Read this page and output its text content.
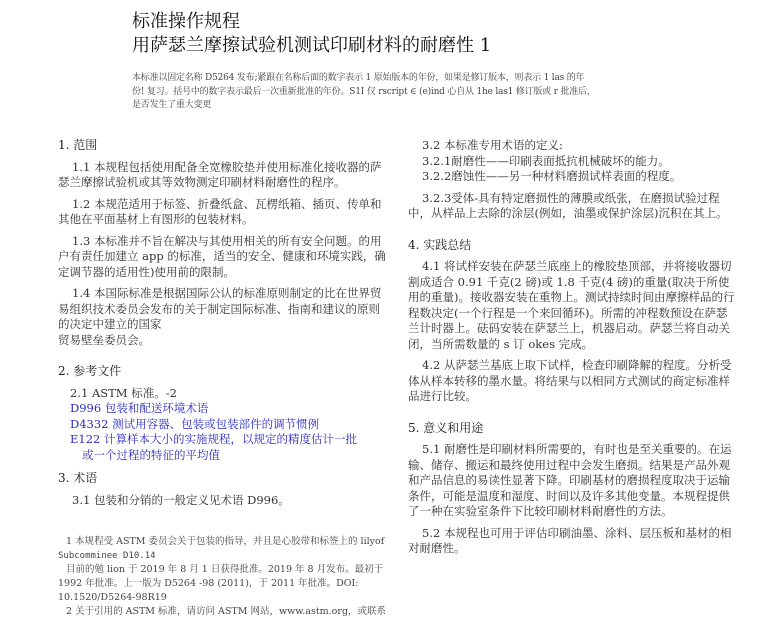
标准操作规程
用萨瑟兰摩擦试验机测试印刷材料的耐磨性 1
本标准以固定名称 D5264 发布;紧跟在名称后面的数字表示 1 原始版本的年份，如果是修订版本，则表示 1 las 的年
份! 复习。括号中的数字表示最后一次重新批准的年份。S1I 仅 rscript ∈ (e)ind 心自从 1he las1 修订版或 r 批准后，
是否发生了重大变更
1. 范围

1.1 本规程包括使用配备全宽橡胶垫并使用标准化接收器的萨瑟兰摩擦试验机或其等效物测定印刷材料耐磨性的程序。

1.2 本规范适用于标签、折叠纸盒、瓦楞纸箱、插页、传单和其他在平面基材上有图形的包装材料。

1.3 本标准并不旨在解决与其使用相关的所有安全问题。的用户有责任加建立 app 的标准，适当的安全、健康和环境实践，确定调节器的适用性)使用前的限制。

1.4 本国际标准是根据国际公认的标准原则制定的比在世界贸易组织技术委员会发布的关于制定国际标准、指南和建议的原则的决定中建立的国家

贸易壁垒委员会。

2. 参考文件
2.1 ASTM 标准。-2
D996 包装和配送环境术语
D4332 测试用容器、包装或包装部件的调节惯例
E122 计算样本大小的实施规程，以规定的精度估计一批
或一个过程的特征的平均值
3. 术语

3.1 包装和分销的一般定义见术语 D996。

1 本规程受 ASTM 委员会关于包装的指导，并且是心胶带和标签上的 lilyof
Subcomminee D10.14
目前的勉 lion 于 2019 年 8 月 1 日获得批准。2019 年 8 月发布。最初于 1992 年批准。上一版为 D5264 -98 (2011)，于 2011 年批准。DOI: 10.1520/D5264-98R19
2 关于引用的 ASTM 标准，请访问 ASTM 网站，www.astm.org，或联系

3.2 本标准专用术语的定义:

3.2.1耐磨性——印刷表面抵抗机械破坏的能力。

3.2.2磨蚀性——另一种材料磨损试样表面的程度。

3.2.3受体-具有特定磨损性的薄膜或纸张，在磨损试验过程中，从样品上去除的涂层(例如，油墨或保护涂层)沉积在其上。

4. 实践总结

4.1 将试样安装在萨瑟兰底座上的橡胶垫顶部，并将接收器切割成适合 0.91 千克(2 磅)或 1.8 千克(4 磅)的重量(取决于所使用的重量)。接收器安装在重物上。测试持续时间由摩擦样品的行程数决定(一个行程是一个来回循环)。所需的冲程数预设在萨瑟兰计时器上。砝码安装在萨瑟兰上，机器启动。萨瑟兰将自动关闭，当所需数量的 s 订 okes 完成。

4.2 从萨瑟兰基底上取下试样，检查印刷降解的程度。分析受体从样本转移的墨水量。将结果与以相同方式测试的商定标准样品进行比较。

5. 意义和用途

5.1 耐磨性是印刷材料所需要的，有时也是至关重要的。在运输、储存、搬运和最终使用过程中会发生磨损。结果是产品外观和产品信息的易读性显著下降。印刷基材的磨损程度取决于运输条件，可能是温度和湿度、时间以及许多其他变量。本规程提供了一种在实验室条件下比较印刷材料耐磨性的方法。

5.2 本规程也可用于评估印刷油墨、涂料、层压板和基材的相对耐磨性。
